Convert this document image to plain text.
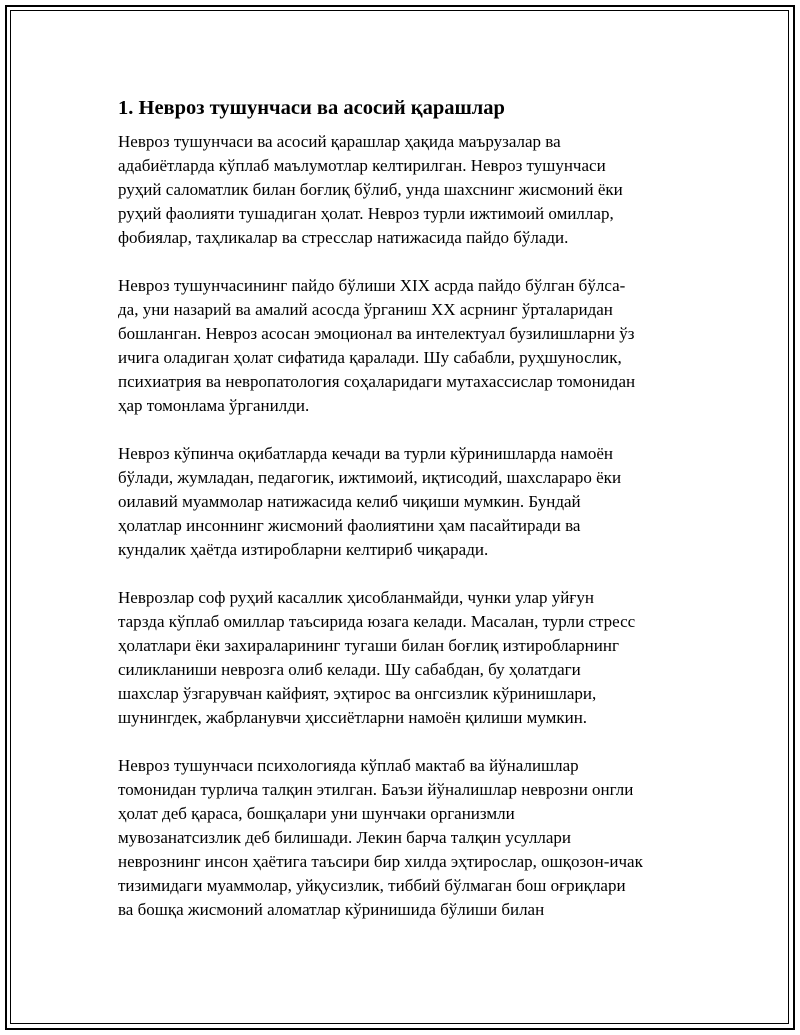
1. Невроз тушунчаси ва асосий қарашлар
Невроз тушунчаси ва асосий қарашлар ҳақида маърузалар ва
адабиётларда кўплаб маълумотлар келтирилган. Невроз тушунчаси
руҳий саломатлик билан боғлиқ бўлиб, унда шахснинг жисмоний ёки
руҳий фаолияти тушадиган ҳолат. Невроз турли ижтимоий омиллар,
фобиялар, таҳликалар ва стресслар натижасида пайдо бўлади.
Невроз тушунчасининг пайдо бўлиши XIX асрда пайдо бўлган бўлса-
да, уни назарий ва амалий асосда ўрганиш XX асрнинг ўрталаридан
бошланган. Невроз асосан эмоционал ва интелектуал бузилишларни ўз
ичига оладиган ҳолат сифатида қаралади. Шу сабабли, руҳшунослик,
психиатрия ва невропатология соҳаларидаги мутахассислар томонидан
ҳар томонлама ўрганилди.
Невроз кўпинча оқибатларда кечади ва турли кўринишларда намоён
бўлади, жумладан, педагогик, ижтимоий, иқтисодий, шахслараро ёки
оилавий муаммолар натижасида келиб чиқиши мумкин. Бундай
ҳолатлар инсоннинг жисмоний фаолиятини ҳам пасайтиради ва
кундалик ҳаётда изтиробларни келтириб чиқаради.
Неврозлар соф руҳий касаллик ҳисобланмайди, чунки улар уйғун
тарзда кўплаб омиллар таъсирида юзага келади. Масалан, турли стресс
ҳолатлари ёки захираларининг тугаши билан боғлиқ изтиробларнинг
силиклaниши неврозга олиб келади. Шу сабабдан, бу ҳолатдаги
шахслар ўзгарувчан кайфият, эҳтирос ва онгсизлик кўринишлари,
шунингдек, жабрланувчи ҳиссиётларни намоён қилиши мумкин.
Невроз тушунчаси психологияда кўплаб мактаб ва йўналишлар
томонидан турлича талқин этилган. Баъзи йўналишлар неврозни онгли
ҳолат деб қараса, бошқалари уни шунчаки организмли
мувозанатсизлик деб билишади. Лекин барча талқин усуллари
неврознинг инсон ҳаётига таъсири бир хилда эҳтирослар, ошқозон-ичак
тизимидаги муаммолар, уйқусизлик, тиббий бўлмаган бош оғриқлари
ва бошқа жисмоний аломатлар кўринишида бўлиши билан
